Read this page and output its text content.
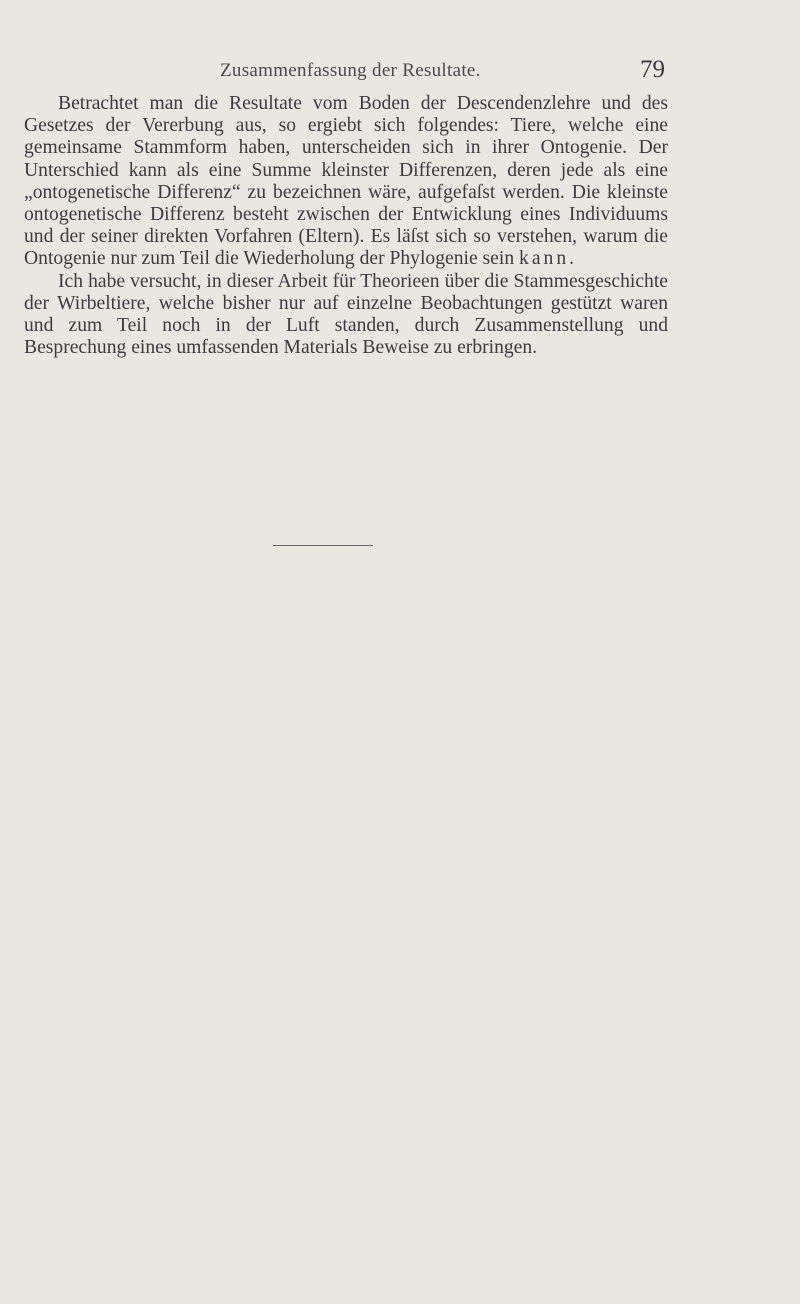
Zusammenfassung der Resultate.	79

Betrachtet man die Resultate vom Boden der Descendenzlehre und des Gesetzes der Vererbung aus, so ergiebt sich folgendes: Tiere, welche eine gemeinsame Stammform haben, unterscheiden sich in ihrer Ontogenie. Der Unterschied kann als eine Summe kleinster Differenzen, deren jede als eine „ontogenetische Differenz“ zu bezeichnen wäre, aufgefaſst werden. Die kleinste ontogenetische Differenz besteht zwischen der Entwicklung eines Individuums und der seiner direkten Vorfahren (Eltern). Es läſst sich so verstehen, warum die Ontogenie nur zum Teil die Wiederholung der Phylogenie sein kann.

Ich habe versucht, in dieser Arbeit für Theorieen über die Stammesgeschichte der Wirbeltiere, welche bisher nur auf einzelne Beobachtungen gestützt waren und zum Teil noch in der Luft standen, durch Zusammenstellung und Besprechung eines umfassenden Materials Beweise zu erbringen.
